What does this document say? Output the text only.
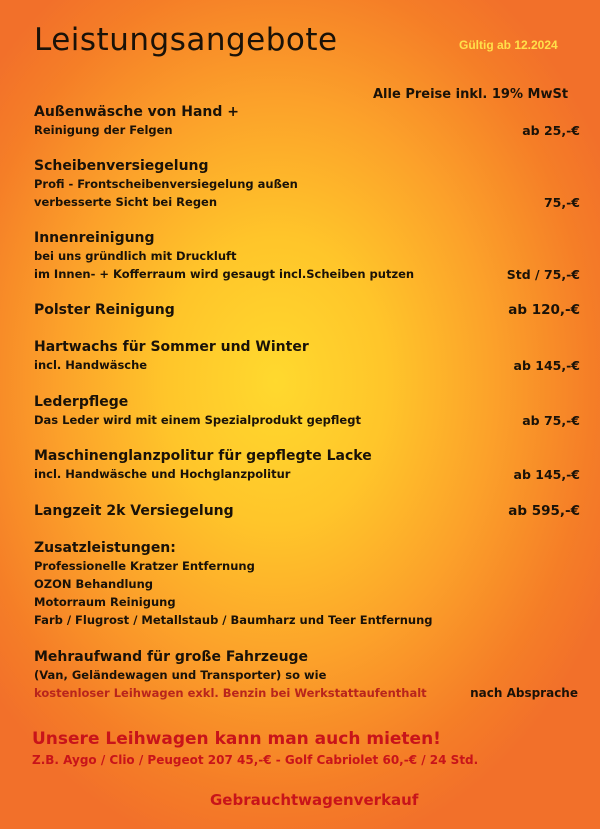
Leistungsangebote	Gültig ab 12.2024
Alle Preise inkl. 19% MwSt
Außenwäsche von Hand +
Reinigung der Felgen	ab 25,-€
Scheibenversiegelung
Profi - Frontscheibenversiegelung außen
verbesserte Sicht bei Regen	75,-€
Innenreinigung
bei uns gründlich mit Druckluft
im Innen- + Kofferraum wird gesaugt incl.Scheiben putzen	Std / 75,-€
Polster Reinigung	ab 120,-€
Hartwachs für Sommer und Winter
incl. Handwäsche	ab 145,-€
Lederpflege
Das Leder wird mit einem Spezialprodukt gepflegt	ab 75,-€
Maschinenglanzpolitur für gepflegte Lacke
incl. Handwäsche und Hochglanzpolitur	ab 145,-€
Langzeit 2k Versiegelung	ab 595,-€
Zusatzleistungen:
Professionelle Kratzer Entfernung
OZON Behandlung
Motorraum Reinigung
Farb / Flugrost / Metallstaub / Baumharz und Teer Entfernung
Mehraufwand für große Fahrzeuge
(Van, Geländewagen und Transporter) so wie
kostenloser Leihwagen exkl. Benzin bei Werkstattaufenthalt	nach Absprache
Unsere Leihwagen kann man auch mieten!
Z.B. Aygo / Clio / Peugeot 207 45,-€ - Golf Cabriolet 60,-€ / 24 Std.
Gebrauchtwagenverkauf
